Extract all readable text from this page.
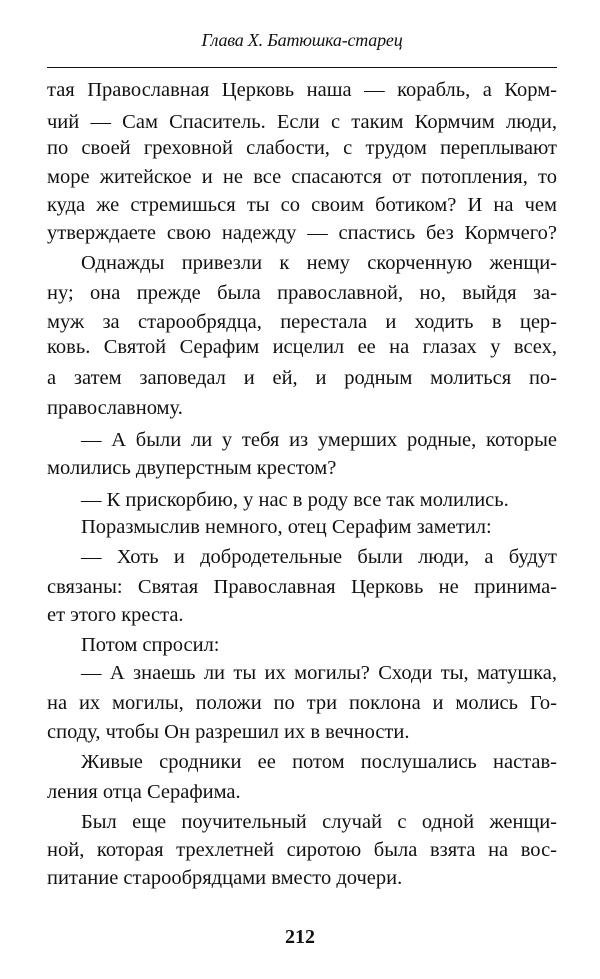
Глава X. Батюшка-старец
тая Православная Церковь наша — корабль, а Корм-
чий — Сам Спаситель. Если с таким Кормчим люди,
по своей греховной слабости, с трудом переплывают
море житейское и не все спасаются от потопления, то
куда же стремишься ты со своим ботиком? И на чем
утверждаете свою надежду — спастись без Кормчего?
Однажды привезли к нему скорченную женщи-
ну; она прежде была православной, но, выйдя за-
муж за старообрядца, перестала и ходить в цер-
ковь. Святой Серафим исцелил ее на глазах у всех,
а затем заповедал и ей, и родным молиться по-
православному.
— А были ли у тебя из умерших родные, которые
молились двуперстным крестом?
— К прискорбию, у нас в роду все так молились.
Поразмыслив немного, отец Серафим заметил:
— Хоть и добродетельные были люди, а будут
связаны: Святая Православная Церковь не принима-
ет этого креста.
Потом спросил:
— А знаешь ли ты их могилы? Сходи ты, матушка,
на их могилы, положи по три поклона и молись Го-
споду, чтобы Он разрешил их в вечности.
Живые сродники ее потом послушались настав-
ления отца Серафима.
Был еще поучительный случай с одной женщи-
ной, которая трехлетней сиротою была взята на вос-
питание старообрядцами вместо дочери.
212
